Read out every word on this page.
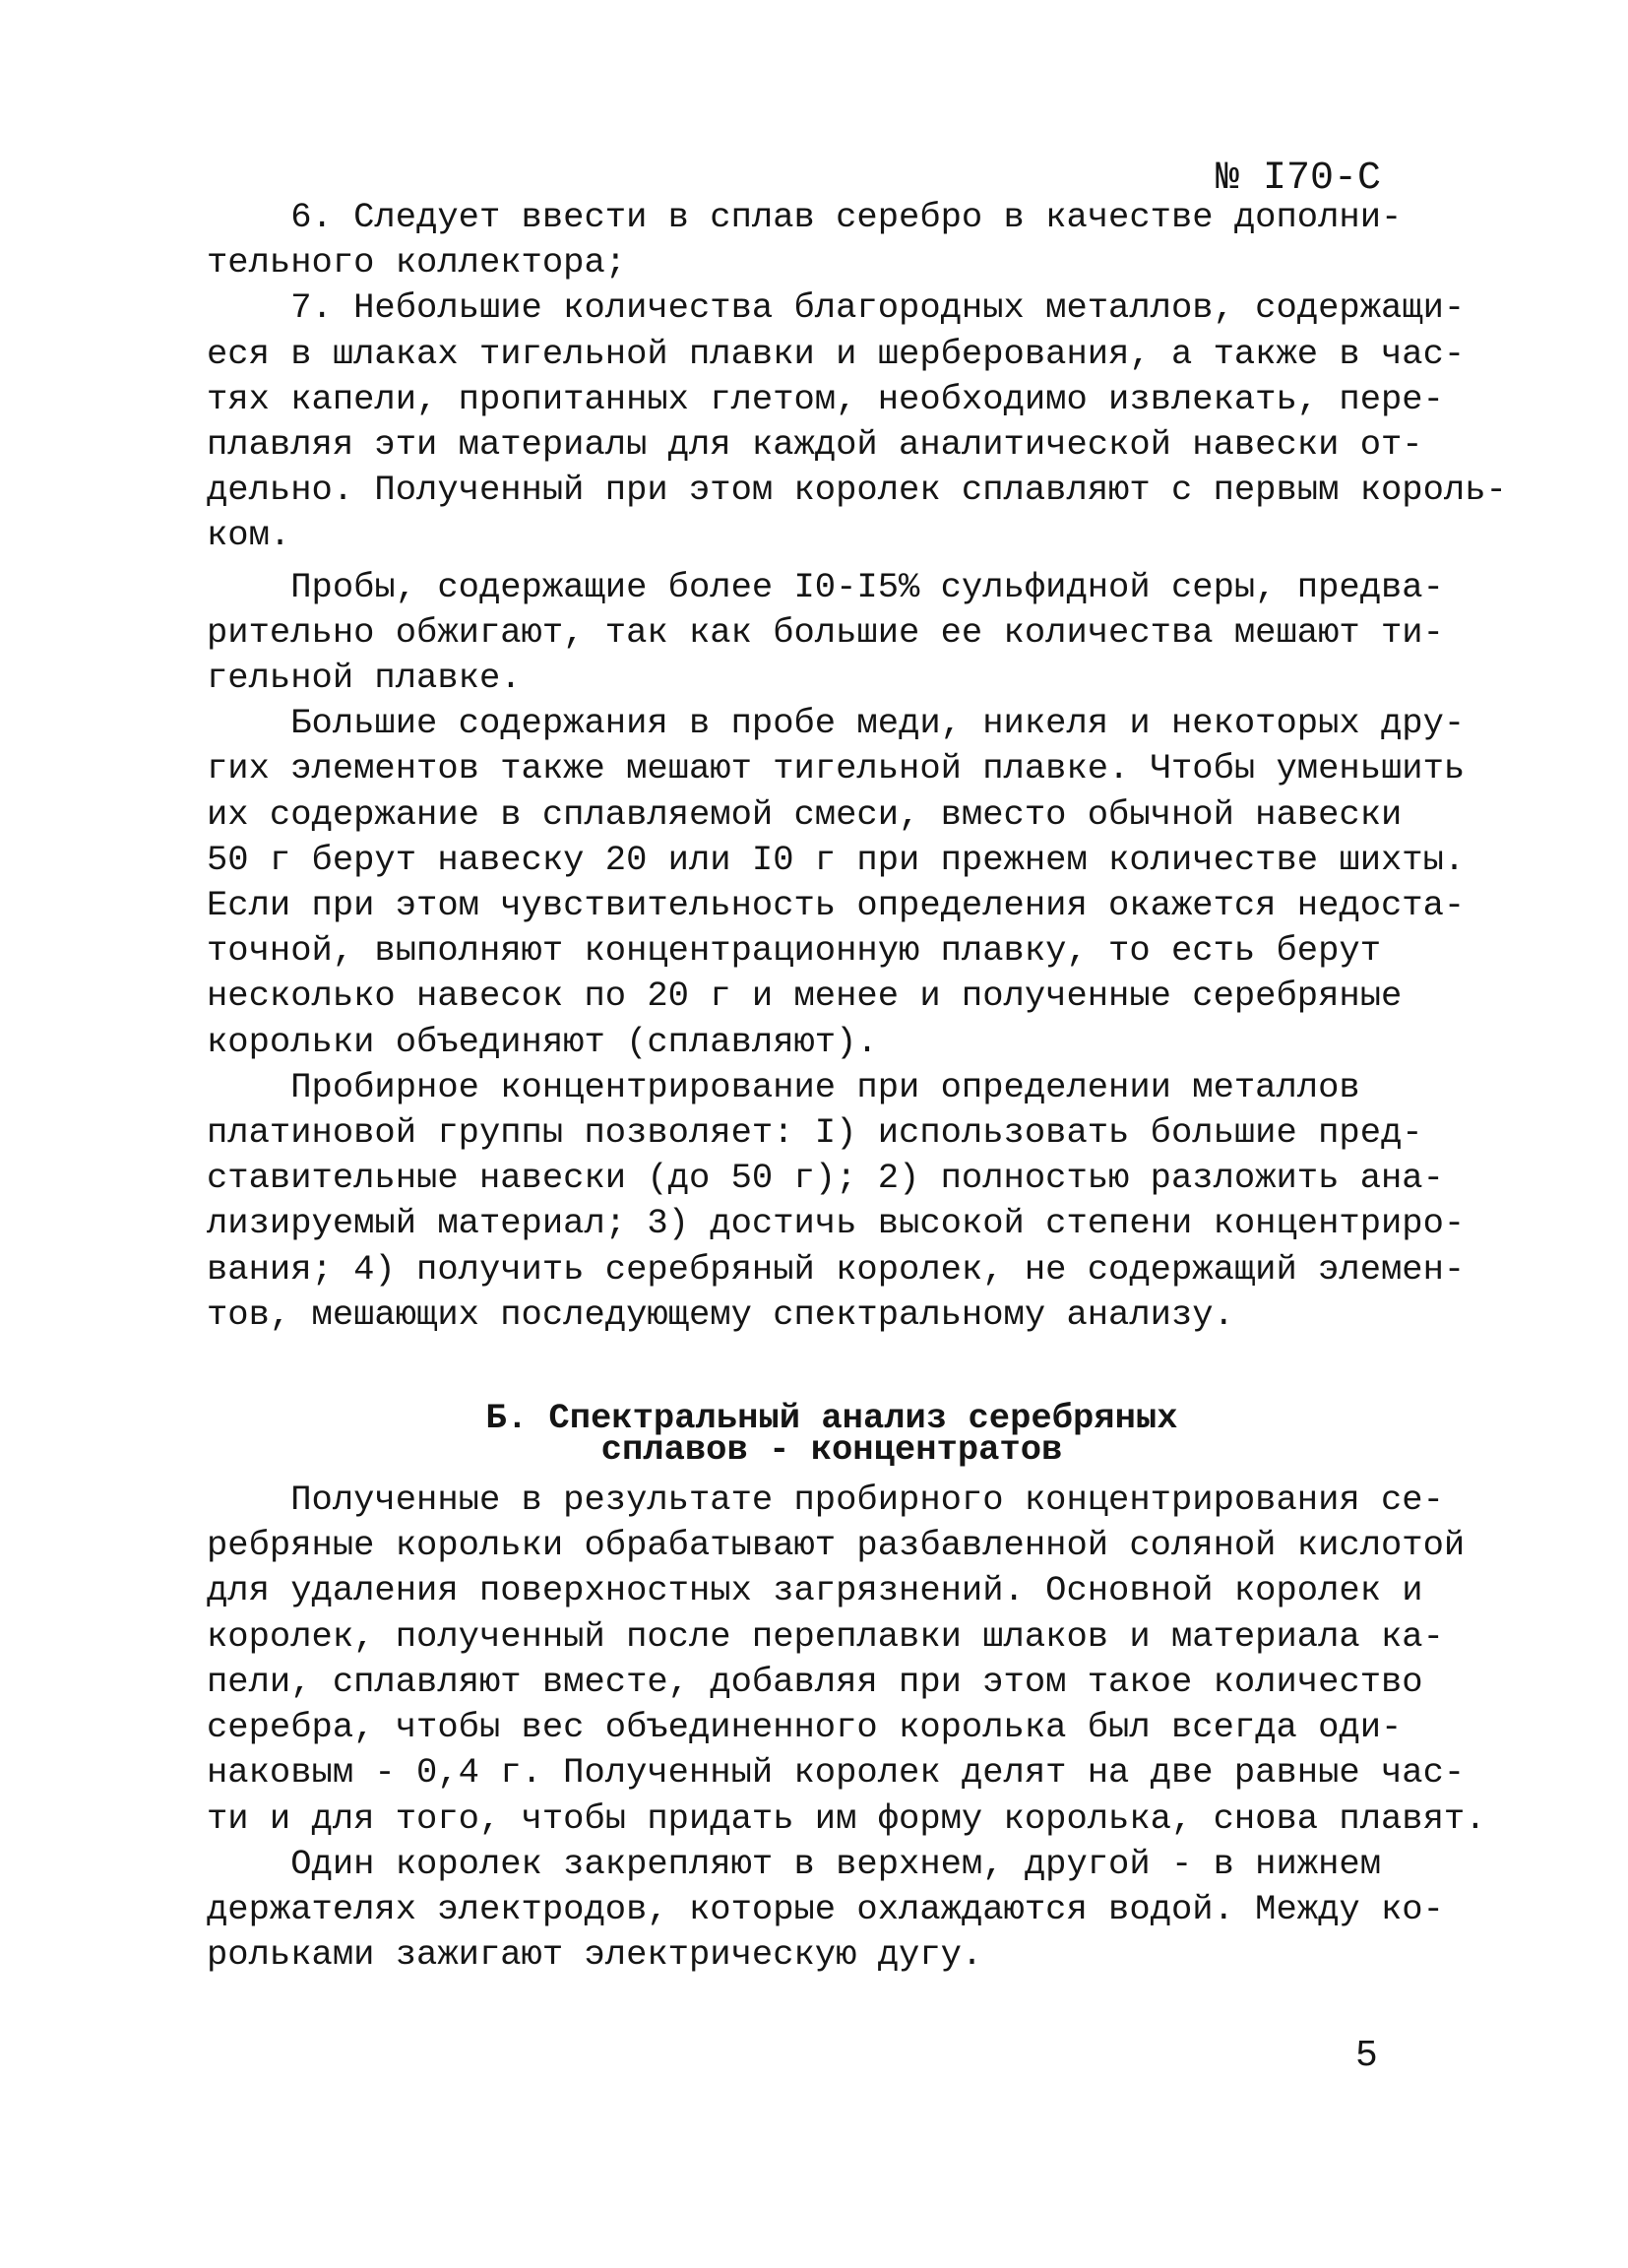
№ I70-С

6. Следует ввести в сплав серебро в качестве дополни-
тельного коллектора;

7. Небольшие количества благородных металлов, содержащи-
еся в шлаках тигельной плавки и шерберования, а также в час-
тях капели, пропитанных глетом, необходимо извлекать, пере-
плавляя эти материалы для каждой аналитической навески от-
дельно. Полученный при этом королек сплавляют с первым король-
ком.

Пробы, содержащие более I0-I5% сульфидной серы, предва-
рительно обжигают, так как большие ее количества мешают ти-
гельной плавке.

Большие содержания в пробе меди, никеля и некоторых дру-
гих элементов также мешают тигельной плавке. Чтобы уменьшить
их содержание в сплавляемой смеси, вместо обычной навески
50 г берут навеску 20 или I0 г при прежнем количестве шихты.
Если при этом чувствительность определения окажется недоста-
точной, выполняют концентрационную плавку, то есть берут
несколько навесок по 20 г и менее и полученные серебряные
корольки объединяют (сплавляют).

Пробирное концентрирование при определении металлов
платиновой группы позволяет: I) использовать большие пред-
ставительные навески (до 50 г); 2) полностью разложить ана-
лизируемый материал; 3) достичь высокой степени концентриро-
вания; 4) получить серебряный королек, не содержащий элемен-
тов, мешающих последующему спектральному анализу.

Б. Спектральный анализ серебряных
сплавов - концентратов

Полученные в результате пробирного концентрирования се-
ребряные корольки обрабатывают разбавленной соляной кислотой
для удаления поверхностных загрязнений. Основной королек и
королек, полученный после переплавки шлаков и материала ка-
пели, сплавляют вместе, добавляя при этом такое количество
серебра, чтобы вес объединенного королька был всегда оди-
наковым - 0,4 г. Полученный королек делят на две равные час-
ти и для того, чтобы придать им форму королька, снова плавят.

Один королек закрепляют в верхнем, другой - в нижнем
держателях электродов, которые охлаждаются водой. Между ко-
рольками зажигают электрическую дугу.

5
